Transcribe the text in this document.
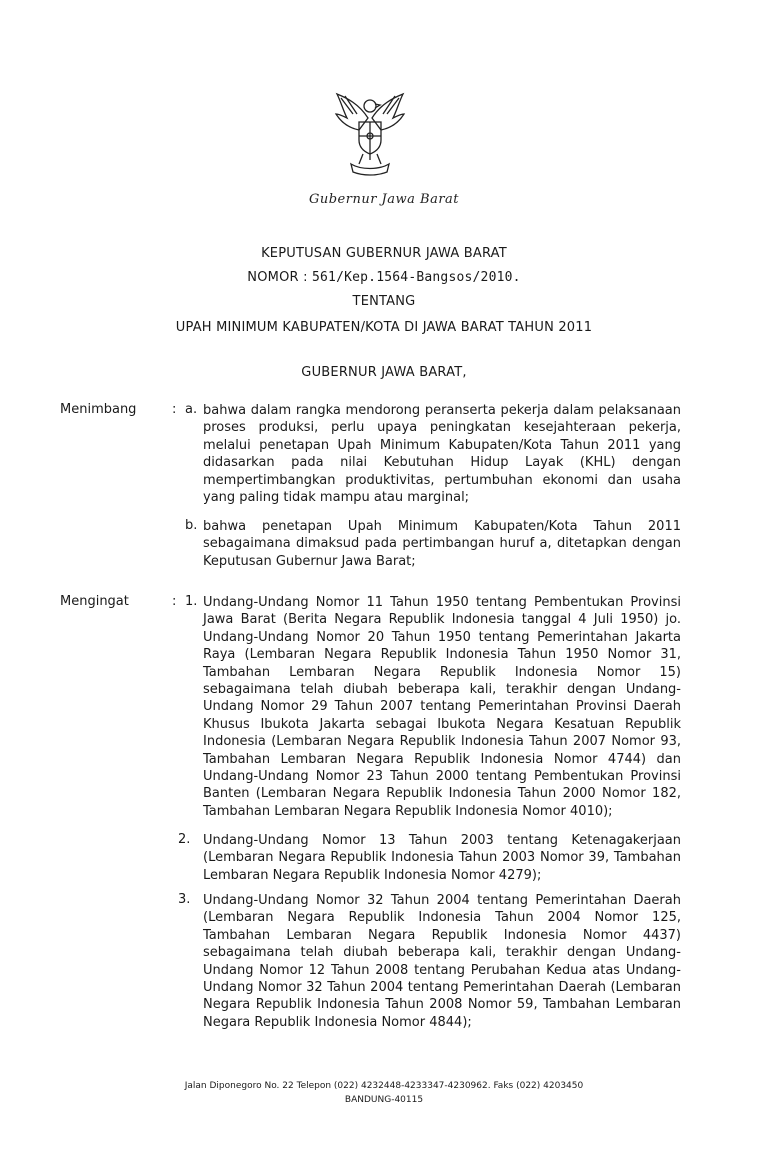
Gubernur Jawa Barat
KEPUTUSAN GUBERNUR JAWA BARAT
NOMOR : 561/Kep.1564-Bangsos/2010.
TENTANG
UPAH MINIMUM KABUPATEN/KOTA DI JAWA BARAT TAHUN 2011
GUBERNUR JAWA BARAT,
Menimbang	: a. bahwa dalam rangka mendorong peranserta pekerja dalam pelaksanaan proses produksi, perlu upaya peningkatan kesejahteraan pekerja, melalui penetapan Upah Minimum Kabupaten/Kota Tahun 2011 yang didasarkan pada nilai Kebutuhan Hidup Layak (KHL) dengan mempertimbangkan produktivitas, pertumbuhan ekonomi dan usaha yang paling tidak mampu atau marginal;

b. bahwa penetapan Upah Minimum Kabupaten/Kota Tahun 2011 sebagaimana dimaksud pada pertimbangan huruf a, ditetapkan dengan Keputusan Gubernur Jawa Barat;

Mengingat	: 1. Undang-Undang Nomor 11 Tahun 1950 tentang Pembentukan Provinsi Jawa Barat (Berita Negara Republik Indonesia tanggal 4 Juli 1950) jo. Undang-Undang Nomor 20 Tahun 1950 tentang Pemerintahan Jakarta Raya (Lembaran Negara Republik Indonesia Tahun 1950 Nomor 31, Tambahan Lembaran Negara Republik Indonesia Nomor 15) sebagaimana telah diubah beberapa kali, terakhir dengan Undang-Undang Nomor 29 Tahun 2007 tentang Pemerintahan Provinsi Daerah Khusus Ibukota Jakarta sebagai Ibukota Negara Kesatuan Republik Indonesia (Lembaran Negara Republik Indonesia Tahun 2007 Nomor 93, Tambahan Lembaran Negara Republik Indonesia Nomor 4744) dan Undang-Undang Nomor 23 Tahun 2000 tentang Pembentukan Provinsi Banten (Lembaran Negara Republik Indonesia Tahun 2000 Nomor 182, Tambahan Lembaran Negara Republik Indonesia Nomor 4010);

2. Undang-Undang Nomor 13 Tahun 2003 tentang Ketenagakerjaan (Lembaran Negara Republik Indonesia Tahun 2003 Nomor 39, Tambahan Lembaran Negara Republik Indonesia Nomor 4279);

3. Undang-Undang Nomor 32 Tahun 2004 tentang Pemerintahan Daerah (Lembaran Negara Republik Indonesia Tahun 2004 Nomor 125, Tambahan Lembaran Negara Republik Indonesia Nomor 4437) sebagaimana telah diubah beberapa kali, terakhir dengan Undang-Undang Nomor 12 Tahun 2008 tentang Perubahan Kedua atas Undang-Undang Nomor 32 Tahun 2004 tentang Pemerintahan Daerah (Lembaran Negara Republik Indonesia Tahun 2008 Nomor 59, Tambahan Lembaran Negara Republik Indonesia Nomor 4844);

Jalan Diponegoro No. 22 Telepon (022) 4232448-4233347-4230962. Faks (022) 4203450
BANDUNG-40115
